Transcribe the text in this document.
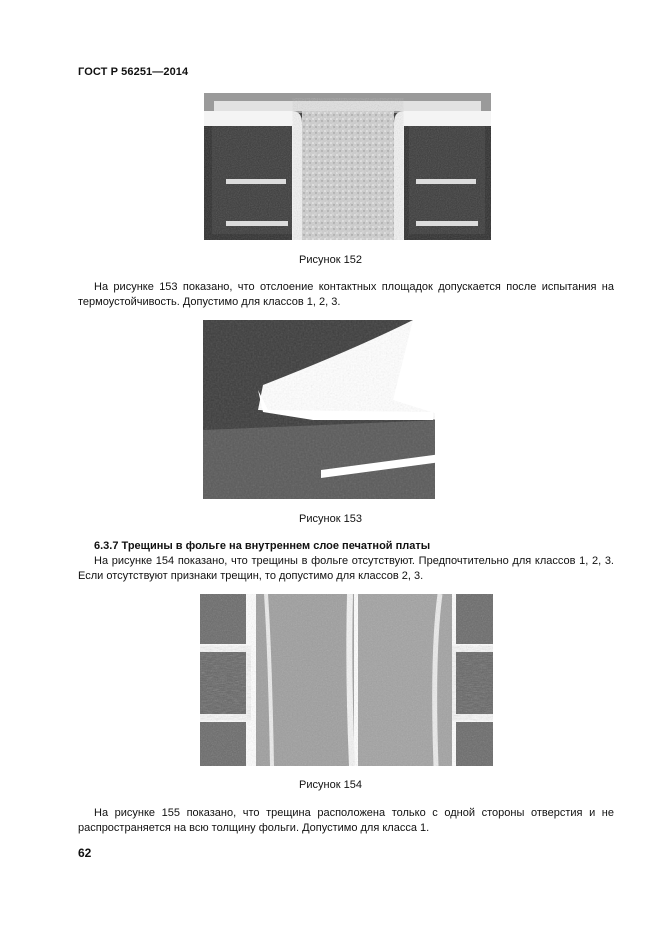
ГОСТ Р 56251—2014
Рисунок 152

На рисунке 153 показано, что отслоение контактных площадок допускается после испытания на термоустойчивость. Допустимо для классов 1, 2, 3.

Рисунок 153

6.3.7 Трещины в фольге на внутреннем слое печатной платы

На рисунке 154 показано, что трещины в фольге отсутствуют. Предпочтительно для классов 1, 2, 3. Если отсутствуют признаки трещин, то допустимо для классов 2, 3.

Рисунок 154

На рисунке 155 показано, что трещина расположена только с одной стороны отверстия и не распространяется на всю толщину фольги. Допустимо для класса 1.

62
